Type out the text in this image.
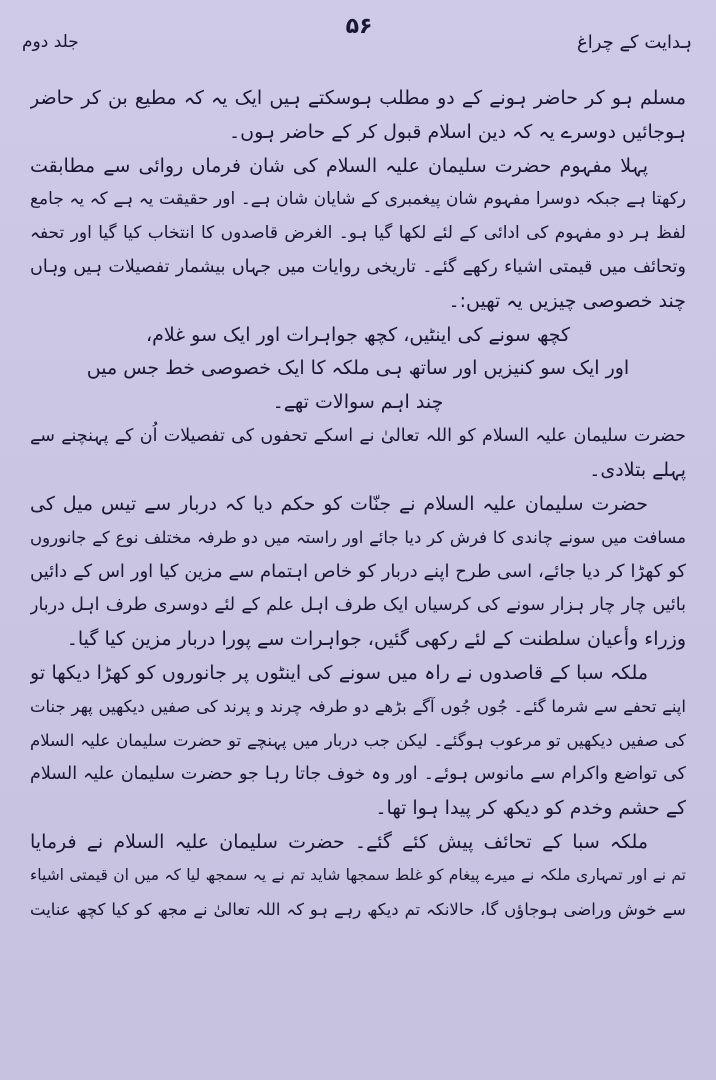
جلد دوم
۵۶
ہدایت کے چراغ
مسلم ہو کر حاضر ہونے کے دو مطلب ہوسکتے ہیں ایک یہ کہ مطیع بن کر حاضر
ہوجائیں دوسرے یہ کہ دین اسلام قبول کر کے حاضر ہوں۔
پہلا مفہوم حضرت سلیمان علیہ السلام کی شان فرماں روائی سے مطابقت
رکھتا ہے جبکہ دوسرا مفہوم شان پیغمبری کے شایان شان ہے۔ اور حقیقت یہ ہے کہ یہ جامع
لفظ ہر دو مفہوم کی ادائی کے لئے لکھا گیا ہو۔ الغرض قاصدوں کا انتخاب کیا گیا اور تحفہ
وتحائف میں قیمتی اشیاء رکھے گئے۔ تاریخی روایات میں جہاں بیشمار تفصیلات ہیں وہاں
چند خصوصی چیزیں یہ تھیں:۔
کچھ سونے کی اینٹیں، کچھ جواہرات اور ایک سو غلام،
اور ایک سو کنیزیں اور ساتھ ہی ملکہ کا ایک خصوصی خط جس میں
چند اہم سوالات تھے۔
حضرت سلیمان علیہ السلام کو اللہ تعالیٰ نے اسکے تحفوں کی تفصیلات اُن کے پہنچنے سے
پہلے بتلادی۔
حضرت سلیمان علیہ السلام نے جنّات کو حکم دیا کہ دربار سے تیس میل کی
مسافت میں سونے چاندی کا فرش کر دیا جائے اور راستہ میں دو طرفہ مختلف نوع کے جانوروں
کو کھڑا کر دیا جائے، اسی طرح اپنے دربار کو خاص اہتمام سے مزین کیا اور اس کے دائیں
بائیں چار چار ہزار سونے کی کرسیاں ایک طرف اہل علم کے لئے دوسری طرف اہل دربار
وزراء وأعیان سلطنت کے لئے رکھی گئیں، جواہرات سے پورا دربار مزین کیا گیا۔
ملکہ سبا کے قاصدوں نے راہ میں سونے کی اینٹوں پر جانوروں کو کھڑا دیکھا تو
اپنے تحفے سے شرما گئے۔ جُوں جُوں آگے بڑھے دو طرفہ چرند و پرند کی صفیں دیکھیں پھر جنات
کی صفیں دیکھیں تو مرعوب ہوگئے۔ لیکن جب دربار میں پہنچے تو حضرت سلیمان علیہ السلام
کی تواضع واکرام سے مانوس ہوئے۔ اور وہ خوف جاتا رہا جو حضرت سلیمان علیہ السلام
کے حشم وخدم کو دیکھ کر پیدا ہوا تھا۔
ملکہ سبا کے تحائف پیش کئے گئے۔ حضرت سلیمان علیہ السلام نے فرمایا
تم نے اور تمہاری ملکہ نے میرے پیغام کو غلط سمجھا شاید تم نے یہ سمجھ لیا کہ میں ان قیمتی اشیاء
سے خوش وراضی ہوجاؤں گا، حالانکہ تم دیکھ رہے ہو کہ اللہ تعالیٰ نے مجھ کو کیا کچھ عنایت
